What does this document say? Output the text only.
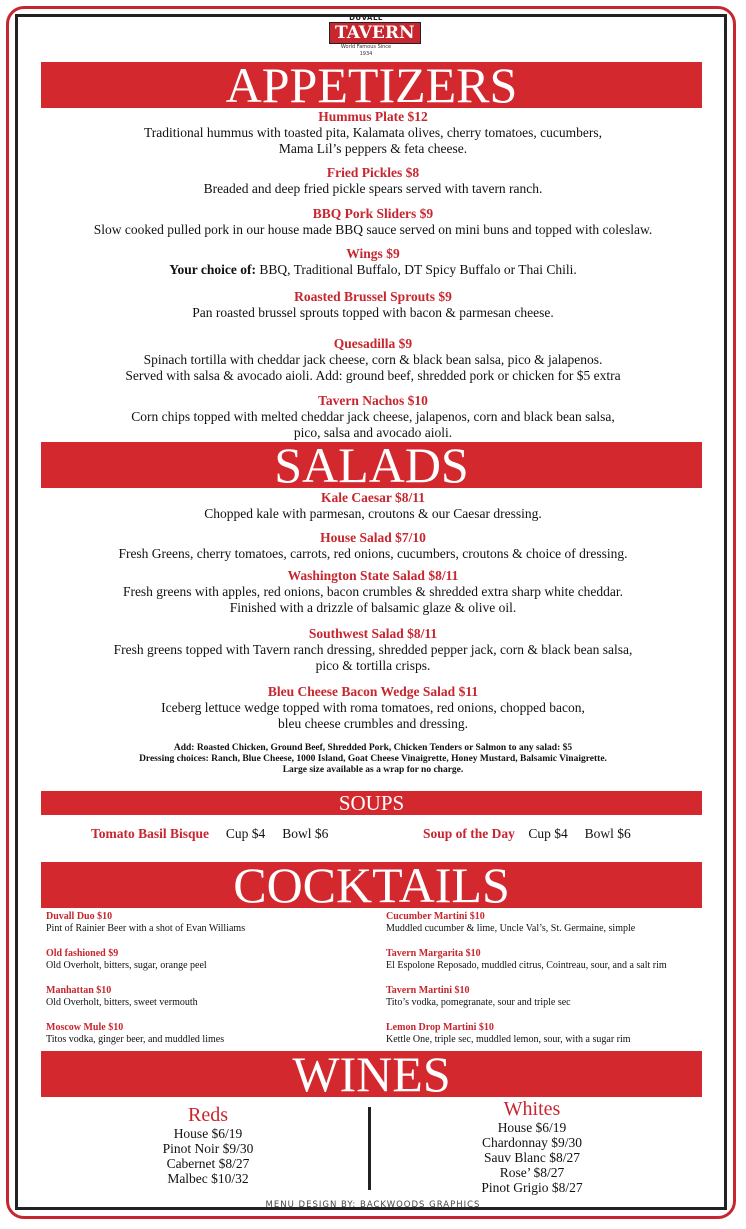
DUVALL
TAVERN
World Famous Since
1934
APPETIZERS
Hummus Plate $12
Traditional hummus with toasted pita, Kalamata olives, cherry tomatoes, cucumbers,
Mama Lil’s peppers & feta cheese.
Fried Pickles $8
Breaded and deep fried pickle spears served with tavern ranch.
BBQ Pork Sliders $9
Slow cooked pulled pork in our house made BBQ sauce served on mini buns and topped with coleslaw.
Wings $9
Your choice of: BBQ, Traditional Buffalo, DT Spicy Buffalo or Thai Chili.
Roasted Brussel Sprouts $9
Pan roasted brussel sprouts topped with bacon & parmesan cheese.
Quesadilla $9
Spinach tortilla with cheddar jack cheese, corn & black bean salsa, pico & jalapenos.
Served with salsa & avocado aioli. Add: ground beef, shredded pork or chicken for $5 extra
Tavern Nachos $10
Corn chips topped with melted cheddar jack cheese, jalapenos, corn and black bean salsa,
pico, salsa and avocado aioli.
SALADS
Kale Caesar $8/11
Chopped kale with parmesan, croutons & our Caesar dressing.
House Salad $7/10
Fresh Greens, cherry tomatoes, carrots, red onions, cucumbers, croutons & choice of dressing.
Washington State Salad $8/11
Fresh greens with apples, red onions, bacon crumbles & shredded extra sharp white cheddar.
Finished with a drizzle of balsamic glaze & olive oil.
Southwest Salad $8/11
Fresh greens topped with Tavern ranch dressing, shredded pepper jack, corn & black bean salsa,
pico & tortilla crisps.
Bleu Cheese Bacon Wedge Salad $11
Iceberg lettuce wedge topped with roma tomatoes, red onions, chopped bacon,
bleu cheese crumbles and dressing.
Add: Roasted Chicken, Ground Beef, Shredded Pork, Chicken Tenders or Salmon to any salad: $5
Dressing choices: Ranch, Blue Cheese, 1000 Island, Goat Cheese Vinaigrette, Honey Mustard, Balsamic Vinaigrette.
Large size available as a wrap for no charge.
SOUPS
Tomato Basil Bisque Cup $4 Bowl $6	Soup of the Day Cup $4 Bowl $6
COCKTAILS
Duvall Duo $10
Pint of Rainier Beer with a shot of Evan Williams
Old fashioned $9
Old Overholt, bitters, sugar, orange peel
Manhattan $10
Old Overholt, bitters, sweet vermouth
Moscow Mule $10
Titos vodka, ginger beer, and muddled limes
Cucumber Martini $10
Muddled cucumber & lime, Uncle Val’s, St. Germaine, simple
Tavern Margarita $10
El Espolone Reposado, muddled citrus, Cointreau, sour, and a salt rim
Tavern Martini $10
Tito’s vodka, pomegranate, sour and triple sec
Lemon Drop Martini $10
Kettle One, triple sec, muddled lemon, sour, with a sugar rim
WINES
Reds
House $6/19
Pinot Noir $9/30
Cabernet $8/27
Malbec $10/32
Whites
House $6/19
Chardonnay $9/30
Sauv Blanc $8/27
Rose’ $8/27
Pinot Grigio $8/27
MENU DESIGN BY: BACKWOODS GRAPHICS
